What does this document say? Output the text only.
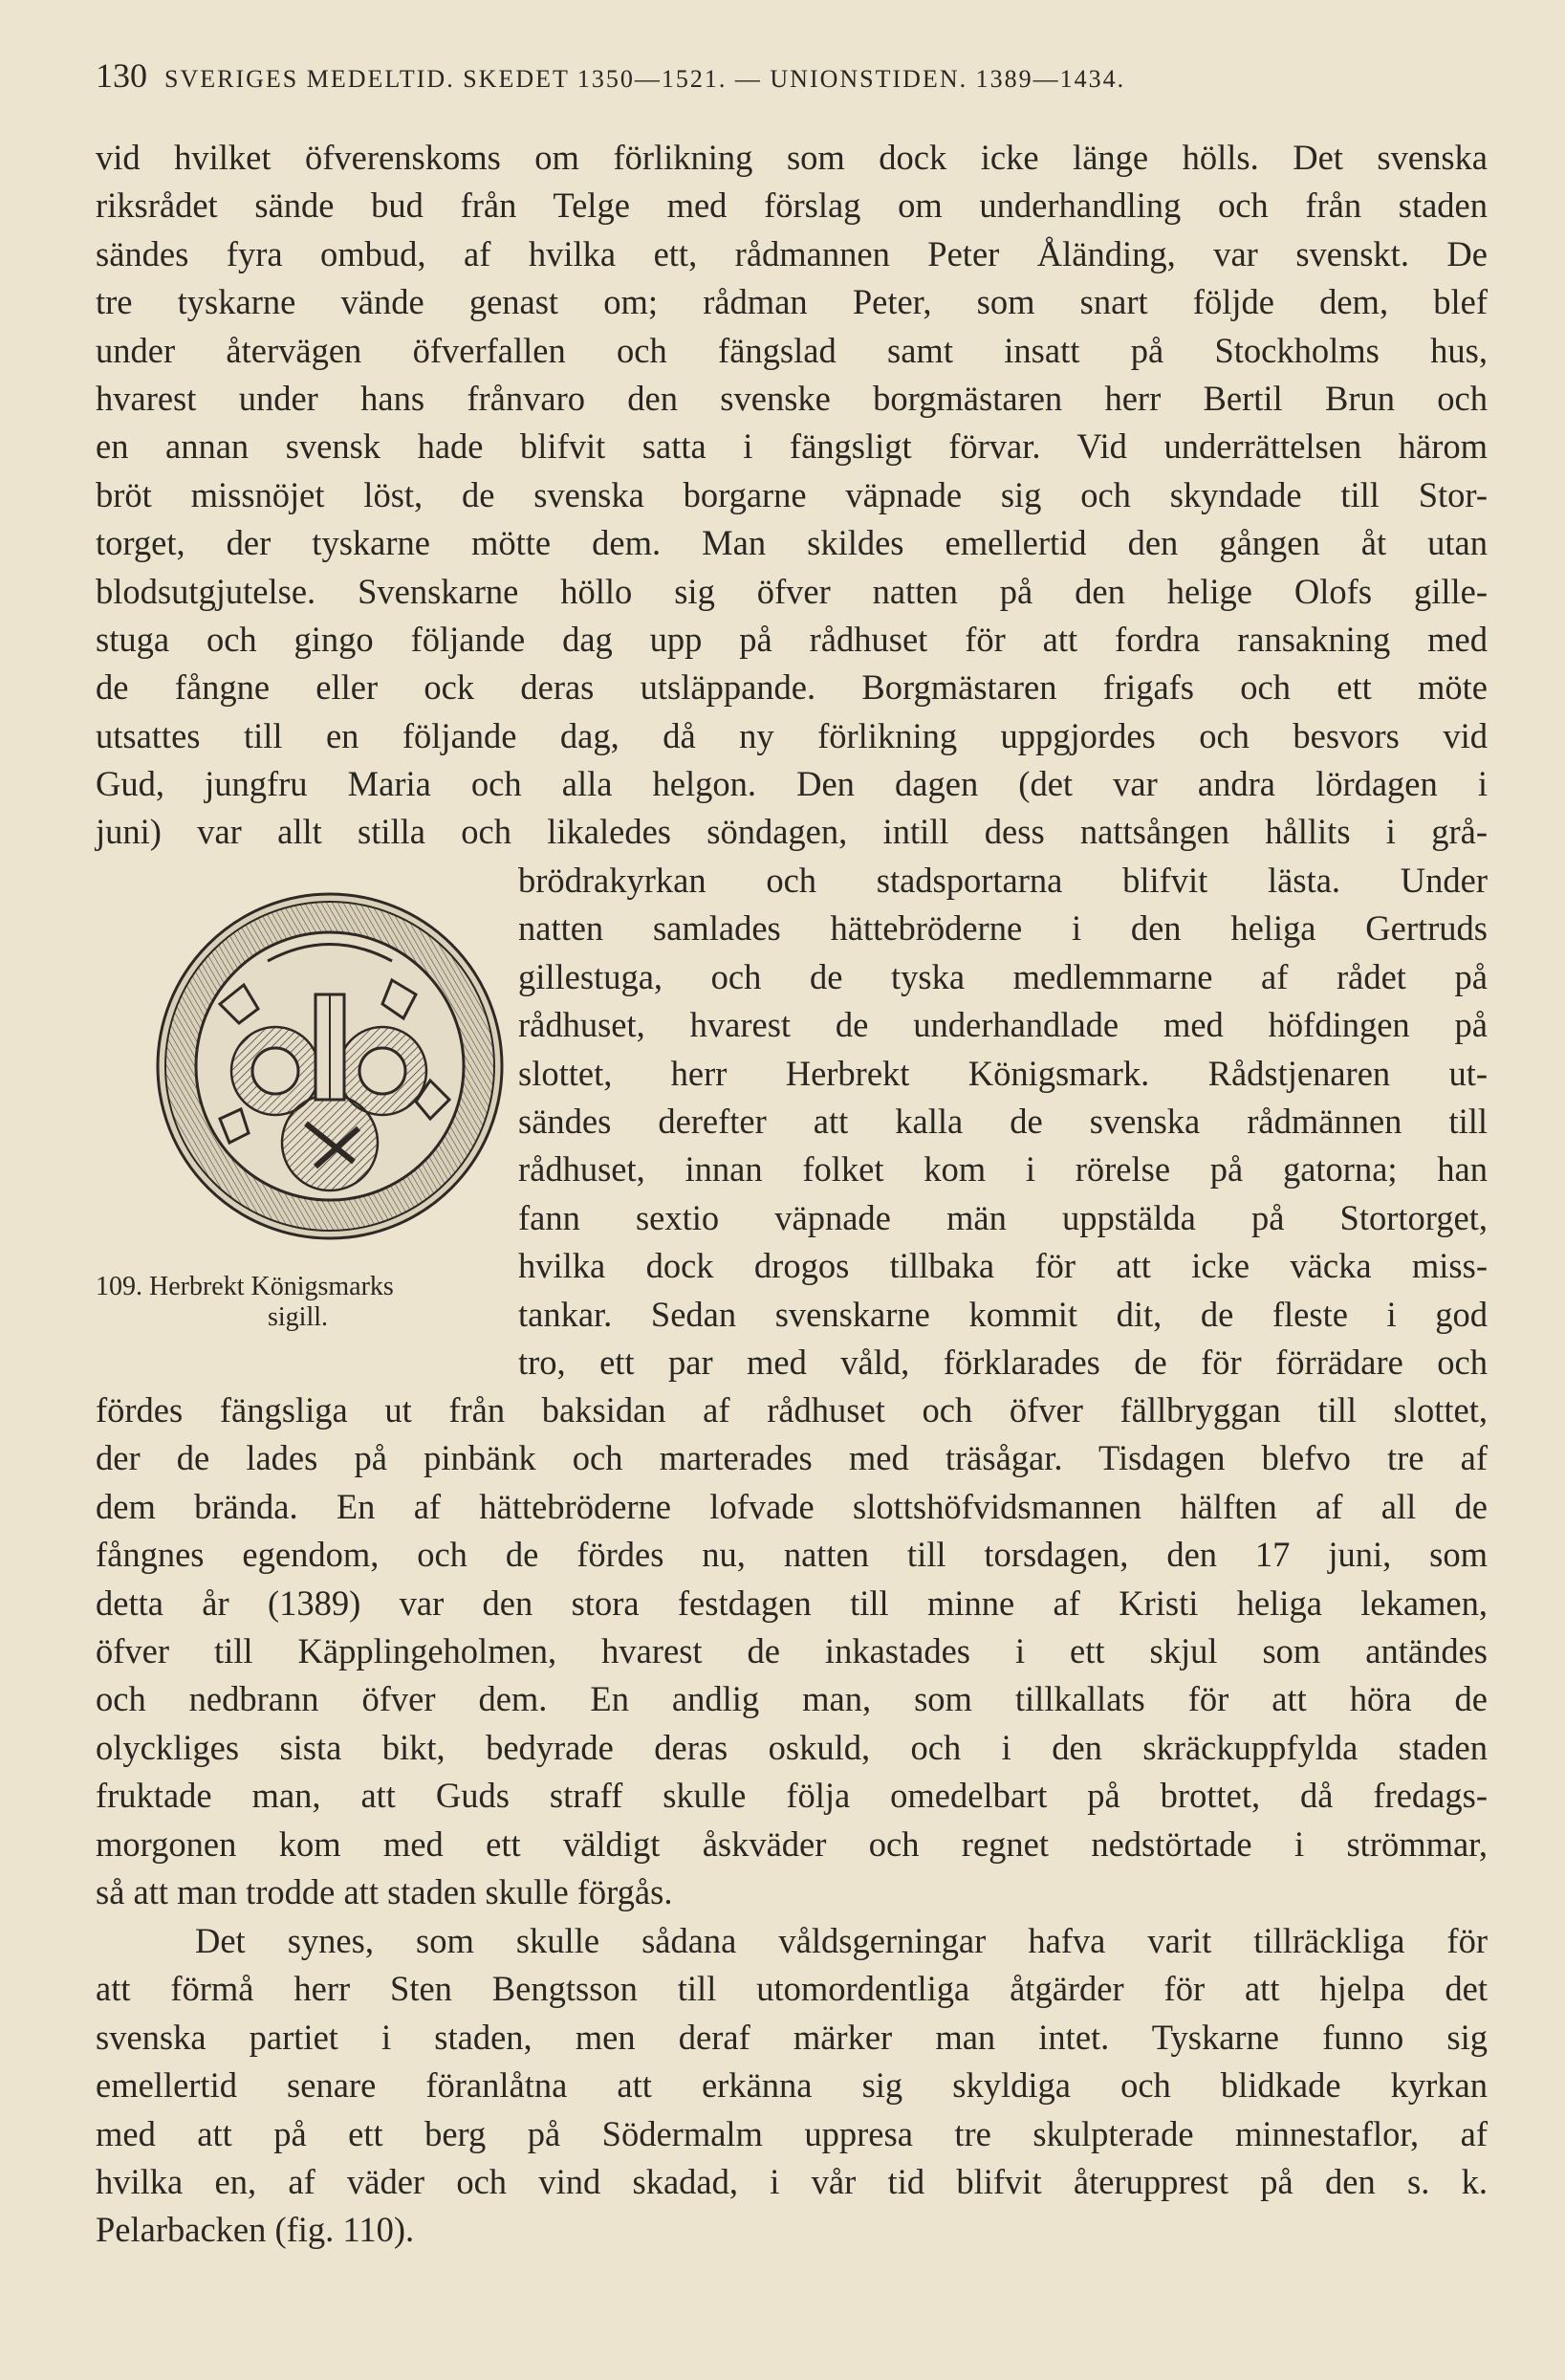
130 SVERIGES MEDELTID. SKEDET 1350—1521. — UNIONSTIDEN. 1389—1434.
vid hvilket öfverenskoms om förlikning som dock icke länge hölls. Det svenska
riksrådet sände bud från Telge med förslag om underhandling och från staden
sändes fyra ombud, af hvilka ett, rådmannen Peter Åländing, var svenskt. De
tre tyskarne vände genast om; rådman Peter, som snart följde dem, blef
under återvägen öfverfallen och fängslad samt insatt på Stockholms hus,
hvarest under hans frånvaro den svenske borgmästaren herr Bertil Brun och
en annan svensk hade blifvit satta i fängsligt förvar. Vid underrättelsen härom
bröt missnöjet löst, de svenska borgarne väpnade sig och skyndade till Stor-
torget, der tyskarne mötte dem. Man skildes emellertid den gången åt utan
blodsutgjutelse. Svenskarne höllo sig öfver natten på den helige Olofs gille-
stuga och gingo följande dag upp på rådhuset för att fordra ransakning med
de fångne eller ock deras utsläppande. Borgmästaren frigafs och ett möte
utsattes till en följande dag, då ny förlikning uppgjordes och besvors vid
Gud, jungfru Maria och alla helgon. Den dagen (det var andra lördagen i
juni) var allt stilla och likaledes söndagen, intill dess nattsången hållits i grå-
109. Herbrekt Königsmarks
sigill.
brödrakyrkan och stadsportarna blifvit lästa. Under
natten samlades hättebröderne i den heliga Gertruds
gillestuga, och de tyska medlemmarne af rådet på
rådhuset, hvarest de underhandlade med höfdingen på
slottet, herr Herbrekt Königsmark. Rådstjenaren ut-
sändes derefter att kalla de svenska rådmännen till
rådhuset, innan folket kom i rörelse på gatorna; han
fann sextio väpnade män uppstälda på Stortorget,
hvilka dock drogos tillbaka för att icke väcka miss-
tankar. Sedan svenskarne kommit dit, de fleste i god
tro, ett par med våld, förklarades de för förrädare och
fördes fängsliga ut från baksidan af rådhuset och öfver fällbryggan till slottet,
der de lades på pinbänk och marterades med träsågar. Tisdagen blefvo tre af
dem brända. En af hättebröderne lofvade slottshöfvidsmannen hälften af all de
fångnes egendom, och de fördes nu, natten till torsdagen, den 17 juni, som
detta år (1389) var den stora festdagen till minne af Kristi heliga lekamen,
öfver till Käpplingeholmen, hvarest de inkastades i ett skjul som antändes
och nedbrann öfver dem. En andlig man, som tillkallats för att höra de
olyckliges sista bikt, bedyrade deras oskuld, och i den skräckuppfylda staden
fruktade man, att Guds straff skulle följa omedelbart på brottet, då fredags-
morgonen kom med ett väldigt åskväder och regnet nedstörtade i strömmar,
så att man trodde att staden skulle förgås.
Det synes, som skulle sådana våldsgerningar hafva varit tillräckliga för
att förmå herr Sten Bengtsson till utomordentliga åtgärder för att hjelpa det
svenska partiet i staden, men deraf märker man intet. Tyskarne funno sig
emellertid senare föranlåtna att erkänna sig skyldiga och blidkade kyrkan
med att på ett berg på Södermalm uppresa tre skulpterade minnestaflor, af
hvilka en, af väder och vind skadad, i vår tid blifvit återupprest på den s. k.
Pelarbacken (fig. 110).
